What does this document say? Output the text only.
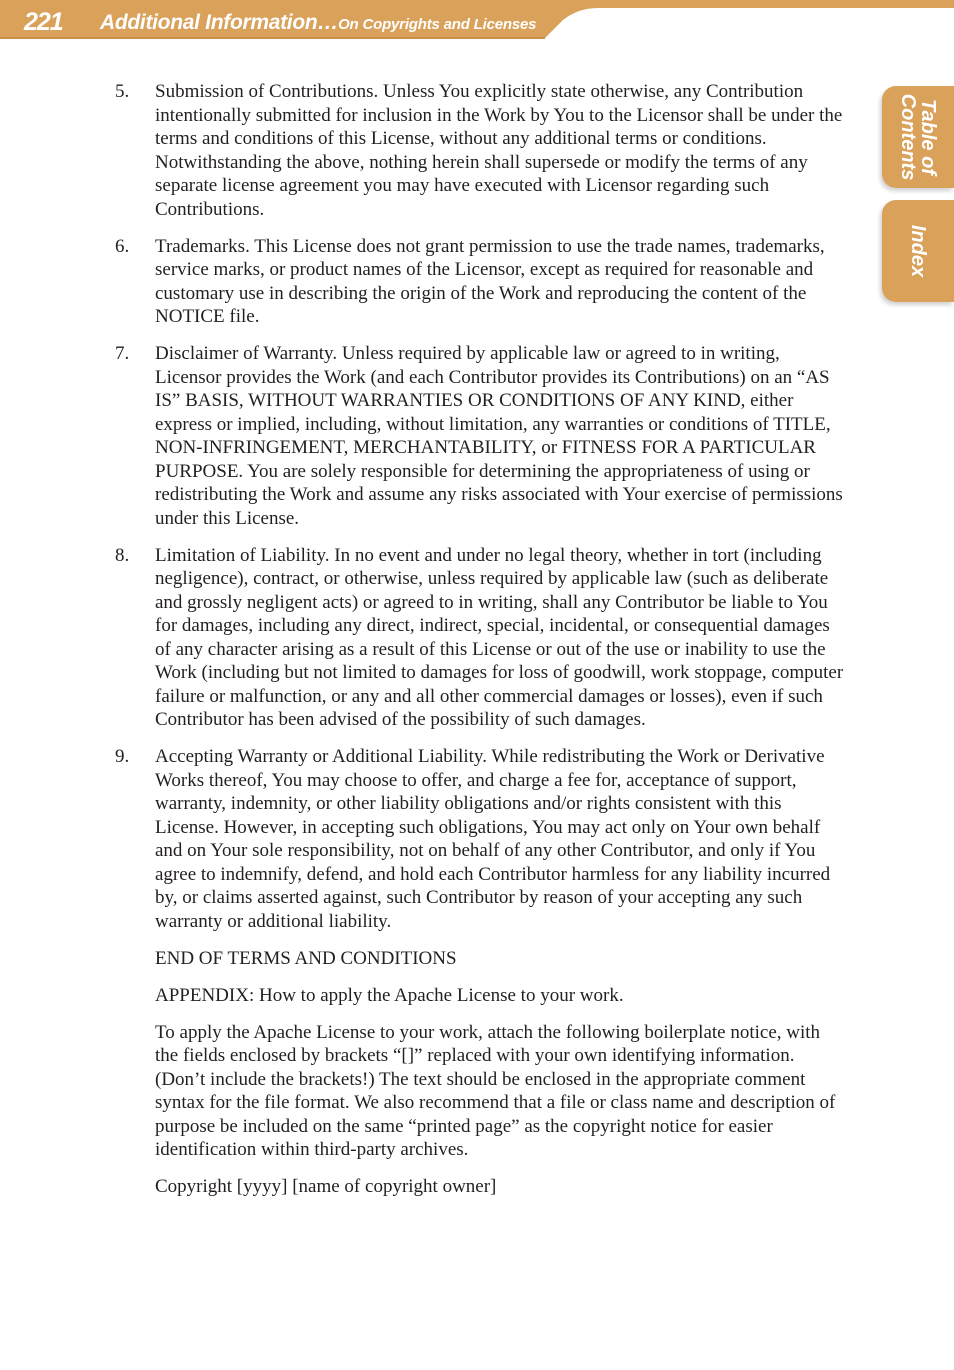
221 Additional Information…On Copyrights and Licenses
Table of
Contents
Index
5.	Submission of Contributions. Unless You explicitly state otherwise, any Contribution intentionally submitted for inclusion in the Work by You to the Licensor shall be under the terms and conditions of this License, without any additional terms or conditions. Notwithstanding the above, nothing herein shall supersede or modify the terms of any separate license agreement you may have executed with Licensor regarding such Contributions.
6.	Trademarks. This License does not grant permission to use the trade names, trademarks, service marks, or product names of the Licensor, except as required for reasonable and customary use in describing the origin of the Work and reproducing the content of the NOTICE file.
7.	Disclaimer of Warranty. Unless required by applicable law or agreed to in writing, Licensor provides the Work (and each Contributor provides its Contributions) on an “AS IS” BASIS, WITHOUT WARRANTIES OR CONDITIONS OF ANY KIND, either express or implied, including, without limitation, any warranties or conditions of TITLE, NON-INFRINGEMENT, MERCHANTABILITY, or FITNESS FOR A PARTICULAR PURPOSE. You are solely responsible for determining the appropriateness of using or redistributing the Work and assume any risks associated with Your exercise of permissions under this License.
8.	Limitation of Liability. In no event and under no legal theory, whether in tort (including negligence), contract, or otherwise, unless required by applicable law (such as deliberate and grossly negligent acts) or agreed to in writing, shall any Contributor be liable to You for damages, including any direct, indirect, special, incidental, or consequential damages of any character arising as a result of this License or out of the use or inability to use the Work (including but not limited to damages for loss of goodwill, work stoppage, computer failure or malfunction, or any and all other commercial damages or losses), even if such Contributor has been advised of the possibility of such damages.
9.	Accepting Warranty or Additional Liability. While redistributing the Work or Derivative Works thereof, You may choose to offer, and charge a fee for, acceptance of support, warranty, indemnity, or other liability obligations and/or rights consistent with this License. However, in accepting such obligations, You may act only on Your own behalf and on Your sole responsibility, not on behalf of any other Contributor, and only if You agree to indemnify, defend, and hold each Contributor harmless for any liability incurred by, or claims asserted against, such Contributor by reason of your accepting any such warranty or additional liability.
END OF TERMS AND CONDITIONS
APPENDIX: How to apply the Apache License to your work.
To apply the Apache License to your work, attach the following boilerplate notice, with the fields enclosed by brackets “[]” replaced with your own identifying information. (Don’t include the brackets!) The text should be enclosed in the appropriate comment syntax for the file format. We also recommend that a file or class name and description of purpose be included on the same “printed page” as the copyright notice for easier identification within third-party archives.
Copyright [yyyy] [name of copyright owner]
